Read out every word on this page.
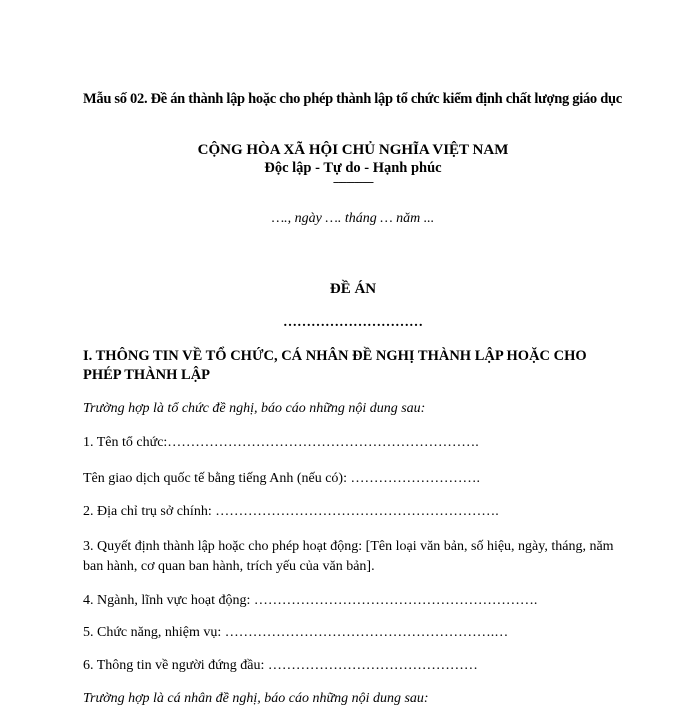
Mẫu số 02. Đề án thành lập hoặc cho phép thành lập tổ chức kiểm định chất lượng giáo dục
CỘNG HÒA XÃ HỘI CHỦ NGHĨA VIỆT NAM
Độc lập - Tự do - Hạnh phúc
---------------
…., ngày …. tháng … năm ...
ĐỀ ÁN
…………………………
I. THÔNG TIN VỀ TỔ CHỨC, CÁ NHÂN ĐỀ NGHỊ THÀNH LẬP HOẶC CHO PHÉP THÀNH LẬP
Trường hợp là tổ chức đề nghị, báo cáo những nội dung sau:
1. Tên tổ chức:………………………………………………………….
Tên giao dịch quốc tế bằng tiếng Anh (nếu có): ……………………….
2. Địa chỉ trụ sở chính: …………………………………………………….
3. Quyết định thành lập hoặc cho phép hoạt động: [Tên loại văn bản, số hiệu, ngày, tháng, năm ban hành, cơ quan ban hành, trích yếu của văn bản].
4. Ngành, lĩnh vực hoạt động: …………………………………………………….
5. Chức năng, nhiệm vụ: ………………………………………………….…
6. Thông tin về người đứng đầu: ………………………………………
Trường hợp là cá nhân đề nghị, báo cáo những nội dung sau:
